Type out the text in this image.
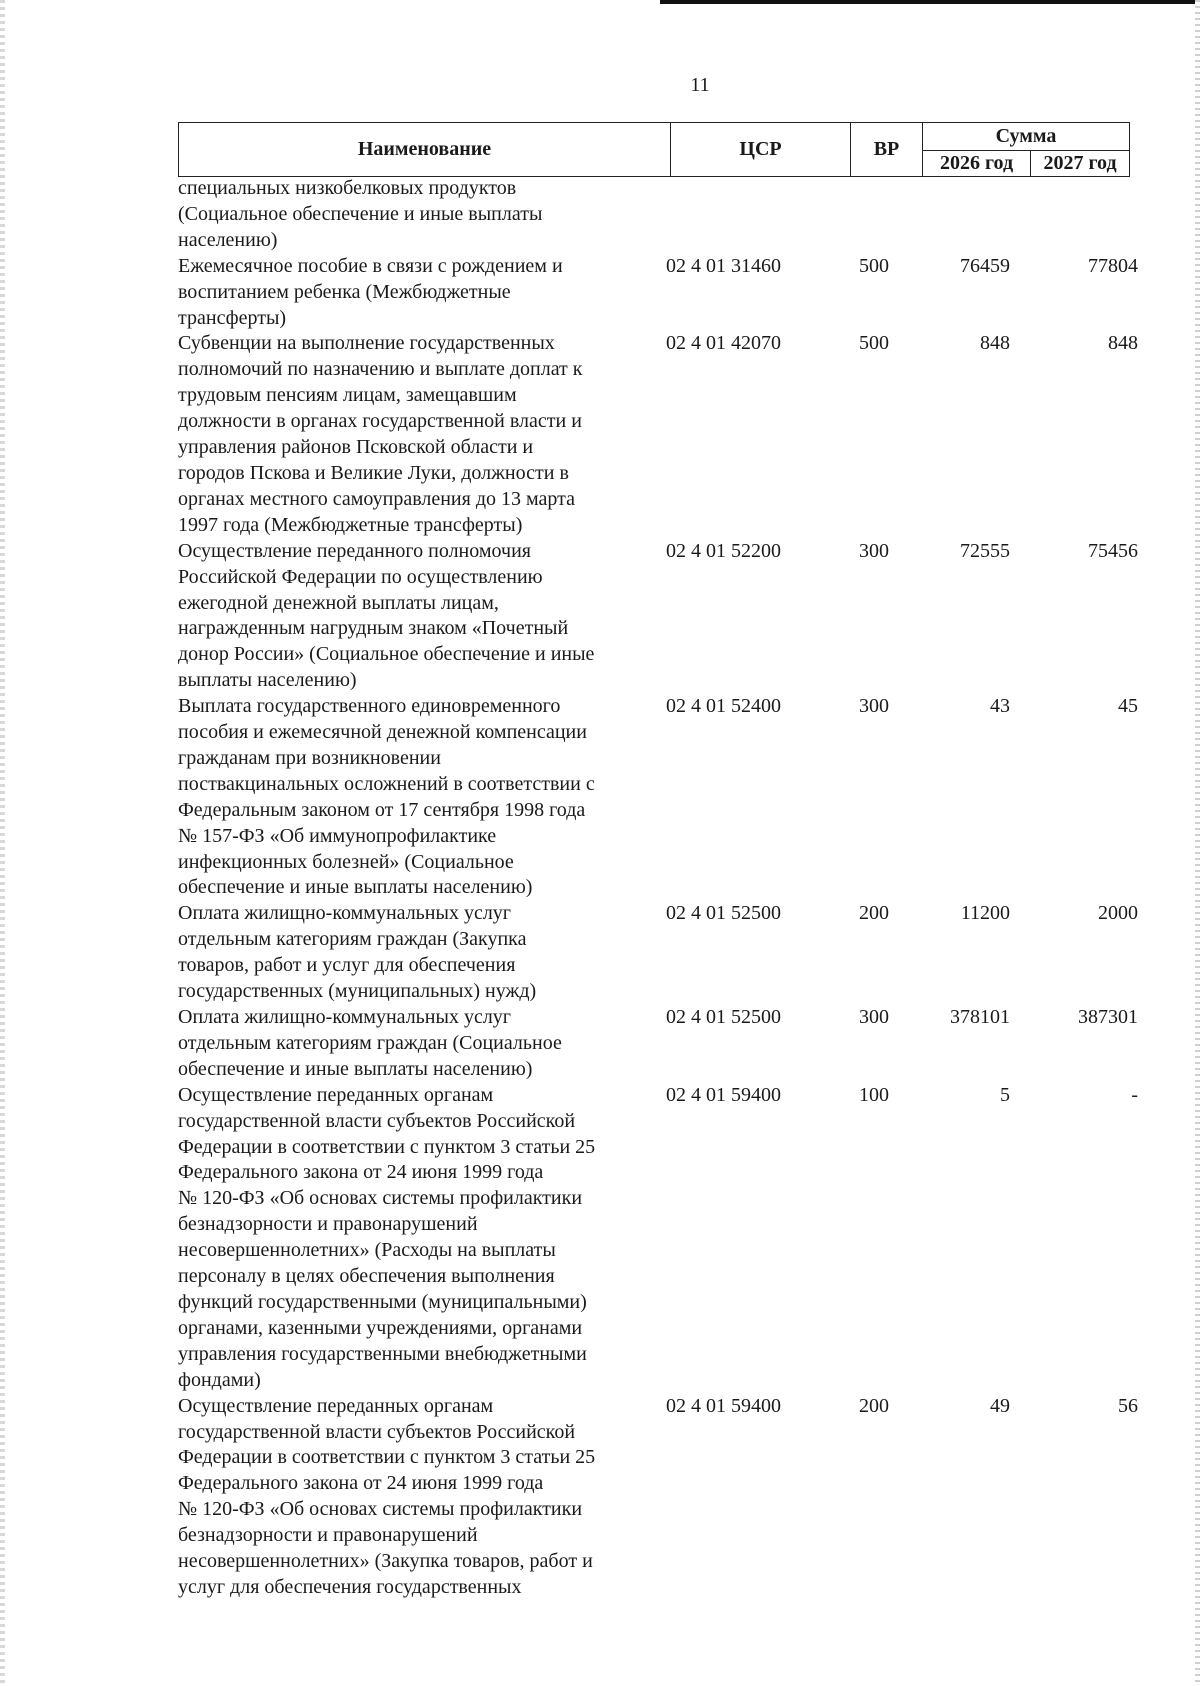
11
Наименование	ЦСР	ВР
Сумма
2026 год	2027 год
специальных низкобелковых продуктов
(Социальное обеспечение и иные выплаты
населению)
Ежемесячное пособие в связи с рождением и
воспитанием ребенка (Межбюджетные
трансферты)
02 4 01 31460	500	76459	77804
Субвенции на выполнение государственных
полномочий по назначению и выплате доплат к
трудовым пенсиям лицам, замещавшим
должности в органах государственной власти и
управления районов Псковской области и
городов Пскова и Великие Луки, должности в
органах местного самоуправления до 13 марта
1997 года (Межбюджетные трансферты)
02 4 01 42070	500	848	848
Осуществление переданного полномочия
Российской Федерации по осуществлению
ежегодной денежной выплаты лицам,
награжденным нагрудным знаком «Почетный
донор России» (Социальное обеспечение и иные
выплаты населению)
02 4 01 52200	300	72555	75456
Выплата государственного единовременного
пособия и ежемесячной денежной компенсации
гражданам при возникновении
поствакцинальных осложнений в соответствии с
Федеральным законом от 17 сентября 1998 года
№ 157-ФЗ «Об иммунопрофилактике
инфекционных болезней» (Социальное
обеспечение и иные выплаты населению)
02 4 01 52400	300	43	45
Оплата жилищно-коммунальных услуг
отдельным категориям граждан (Закупка
товаров, работ и услуг для обеспечения
государственных (муниципальных) нужд)
02 4 01 52500	200	11200	2000
Оплата жилищно-коммунальных услуг
отдельным категориям граждан (Социальное
обеспечение и иные выплаты населению)
02 4 01 52500	300	378101	387301
Осуществление переданных органам
государственной власти субъектов Российской
Федерации в соответствии с пунктом 3 статьи 25
Федерального закона от 24 июня 1999 года
№ 120-ФЗ «Об основах системы профилактики
безнадзорности и правонарушений
несовершеннолетних» (Расходы на выплаты
персоналу в целях обеспечения выполнения
функций государственными (муниципальными)
органами, казенными учреждениями, органами
управления государственными внебюджетными
фондами)
02 4 01 59400	100	5	-
Осуществление переданных органам
государственной власти субъектов Российской
Федерации в соответствии с пунктом 3 статьи 25
Федерального закона от 24 июня 1999 года
№ 120-ФЗ «Об основах системы профилактики
безнадзорности и правонарушений
несовершеннолетних» (Закупка товаров, работ и
услуг для обеспечения государственных
02 4 01 59400	200	49	56
